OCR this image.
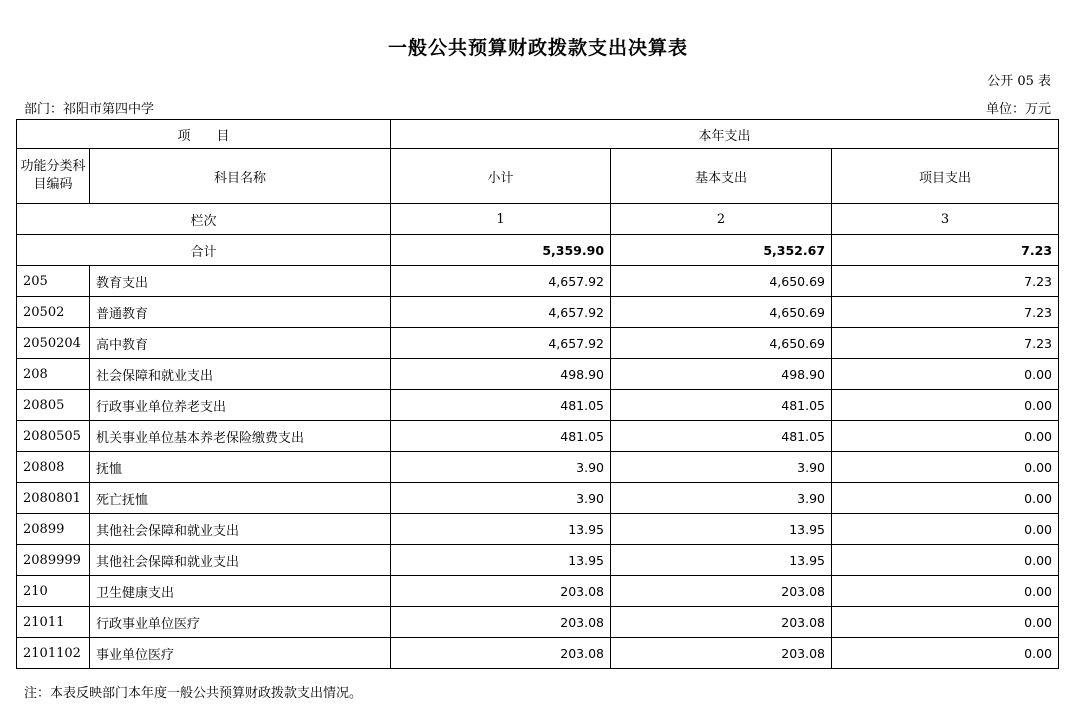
一般公共预算财政拨款支出决算表
公开 05 表
部门：祁阳市第四中学	单位：万元
项　　目		本年支出		
功能分类科目编码	科目名称	小计	基本支出	项目支出
栏次		1	2	3
合计		5,359.90	5,352.67	7.23
205	教育支出	4,657.92	4,650.69	7.23
20502	普通教育	4,657.92	4,650.69	7.23
2050204	高中教育	4,657.92	4,650.69	7.23
208	社会保障和就业支出	498.90	498.90	0.00
20805	行政事业单位养老支出	481.05	481.05	0.00
2080505	机关事业单位基本养老保险缴费支出	481.05	481.05	0.00
20808	抚恤	3.90	3.90	0.00
2080801	死亡抚恤	3.90	3.90	0.00
20899	其他社会保障和就业支出	13.95	13.95	0.00
2089999	其他社会保障和就业支出	13.95	13.95	0.00
210	卫生健康支出	203.08	203.08	0.00
21011	行政事业单位医疗	203.08	203.08	0.00
2101102	事业单位医疗	203.08	203.08	0.00
注：本表反映部门本年度一般公共预算财政拨款支出情况。
